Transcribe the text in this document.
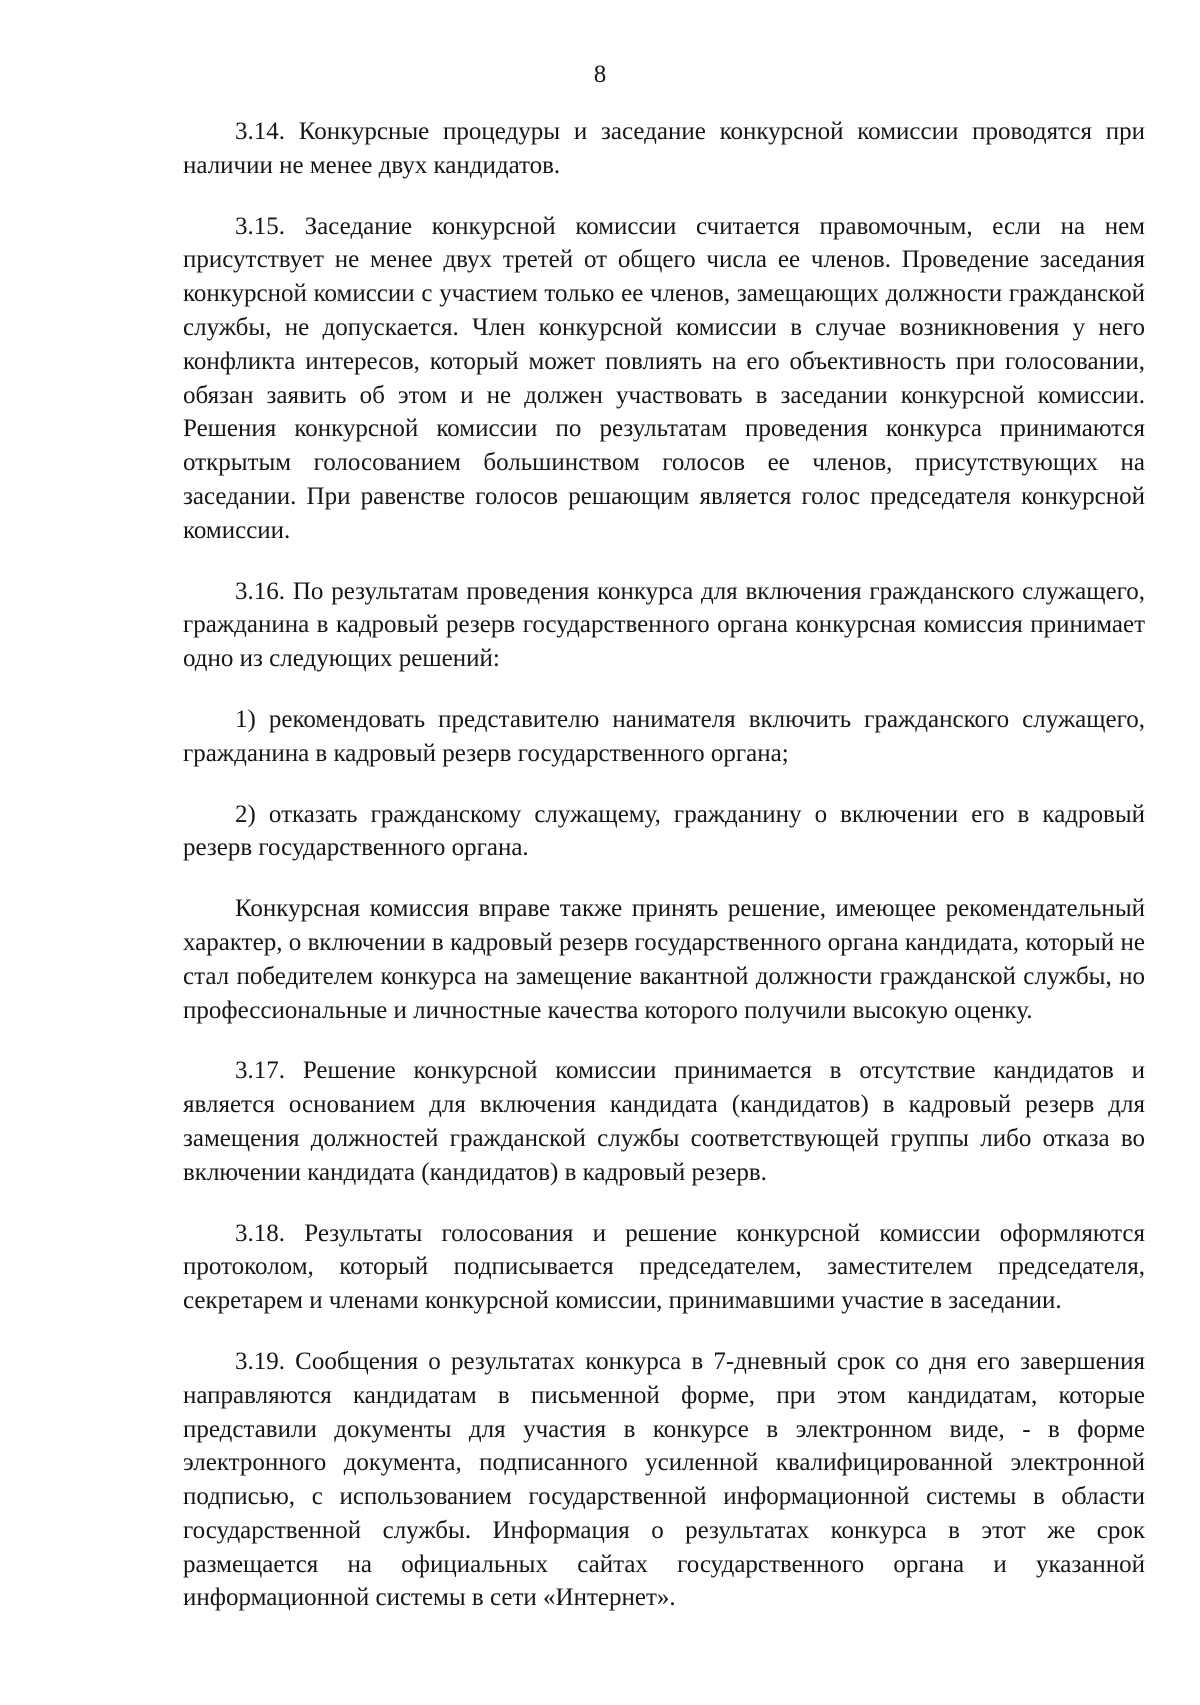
8

3.14. Конкурсные процедуры и заседание конкурсной комиссии проводятся при наличии не менее двух кандидатов.

3.15. Заседание конкурсной комиссии считается правомочным, если на нем присутствует не менее двух третей от общего числа ее членов. Проведение заседания конкурсной комиссии с участием только ее членов, замещающих должности гражданской службы, не допускается. Член конкурсной комиссии в случае возникновения у него конфликта интересов, который может повлиять на его объективность при голосовании, обязан заявить об этом и не должен участвовать в заседании конкурсной комиссии. Решения конкурсной комиссии по результатам проведения конкурса принимаются открытым голосованием большинством голосов ее членов, присутствующих на заседании. При равенстве голосов решающим является голос председателя конкурсной комиссии.

3.16. По результатам проведения конкурса для включения гражданского служащего, гражданина в кадровый резерв государственного органа конкурсная комиссия принимает одно из следующих решений:

1) рекомендовать представителю нанимателя включить гражданского служащего, гражданина в кадровый резерв государственного органа;

2) отказать гражданскому служащему, гражданину о включении его в кадровый резерв государственного органа.

Конкурсная комиссия вправе также принять решение, имеющее рекомендательный характер, о включении в кадровый резерв государственного органа кандидата, который не стал победителем конкурса на замещение вакантной должности гражданской службы, но профессиональные и личностные качества которого получили высокую оценку.

3.17. Решение конкурсной комиссии принимается в отсутствие кандидатов и является основанием для включения кандидата (кандидатов) в кадровый резерв для замещения должностей гражданской службы соответствующей группы либо отказа во включении кандидата (кандидатов) в кадровый резерв.

3.18. Результаты голосования и решение конкурсной комиссии оформляются протоколом, который подписывается председателем, заместителем председателя, секретарем и членами конкурсной комиссии, принимавшими участие в заседании.

3.19. Сообщения о результатах конкурса в 7-дневный срок со дня его завершения направляются кандидатам в письменной форме, при этом кандидатам, которые представили документы для участия в конкурсе в электронном виде, - в форме электронного документа, подписанного усиленной квалифицированной электронной подписью, с использованием государственной информационной системы в области государственной службы. Информация о результатах конкурса в этот же срок размещается на официальных сайтах государственного органа и указанной информационной системы в сети «Интернет».
